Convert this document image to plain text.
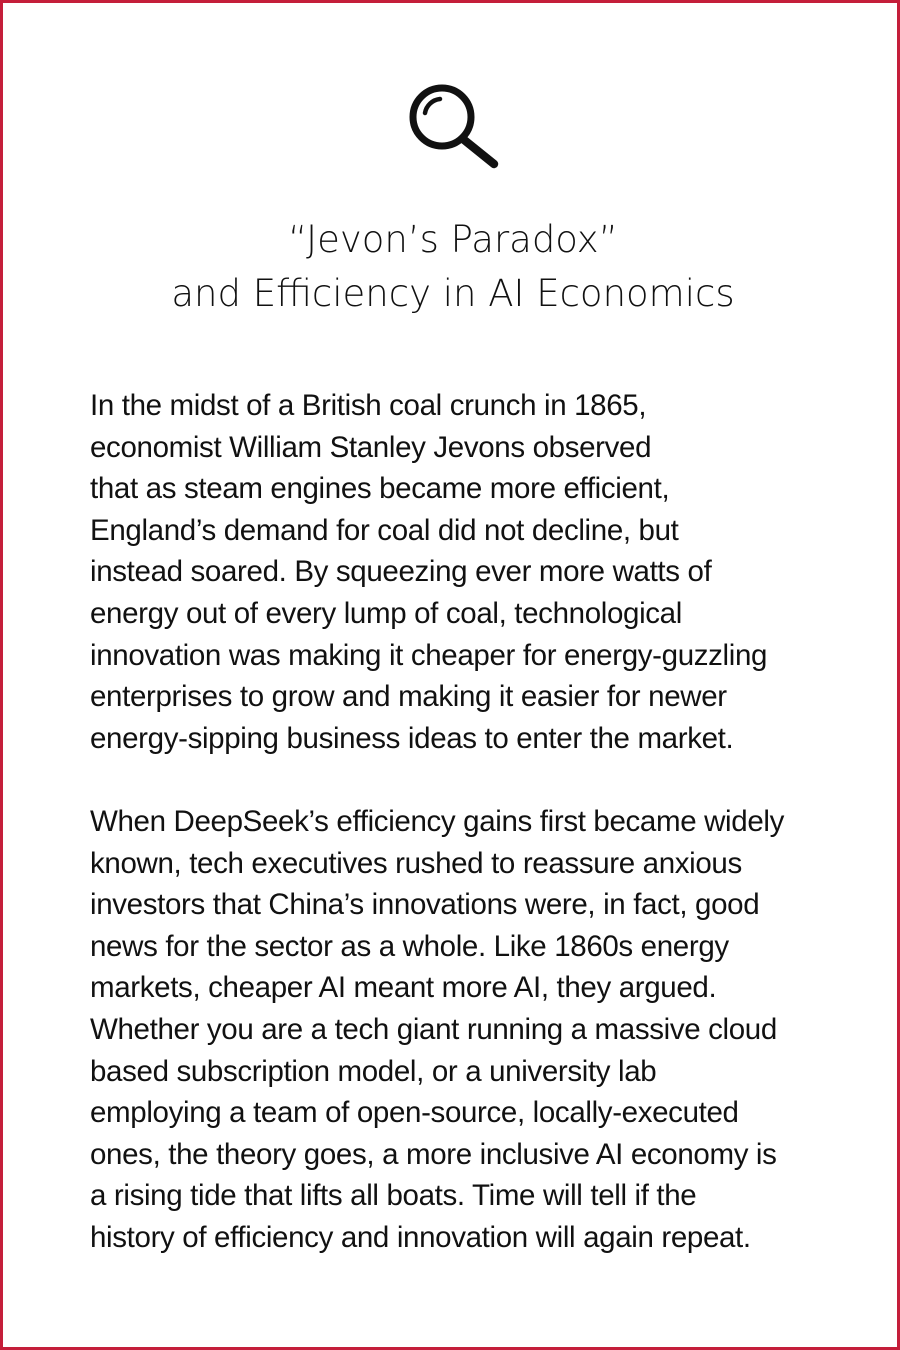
“Jevon’s Paradox”
and Efficiency in AI Economics

In the midst of a British coal crunch in 1865,
economist William Stanley Jevons observed
that as steam engines became more efficient,
England’s demand for coal did not decline, but
instead soared. By squeezing ever more watts of
energy out of every lump of coal, technological
innovation was making it cheaper for energy-guzzling
enterprises to grow and making it easier for newer
energy-sipping business ideas to enter the market.

When DeepSeek’s efficiency gains first became widely
known, tech executives rushed to reassure anxious
investors that China’s innovations were, in fact, good
news for the sector as a whole. Like 1860s energy
markets, cheaper AI meant more AI, they argued.
Whether you are a tech giant running a massive cloud
based subscription model, or a university lab
employing a team of open-source, locally-executed
ones, the theory goes, a more inclusive AI economy is
a rising tide that lifts all boats. Time will tell if the
history of efficiency and innovation will again repeat.
